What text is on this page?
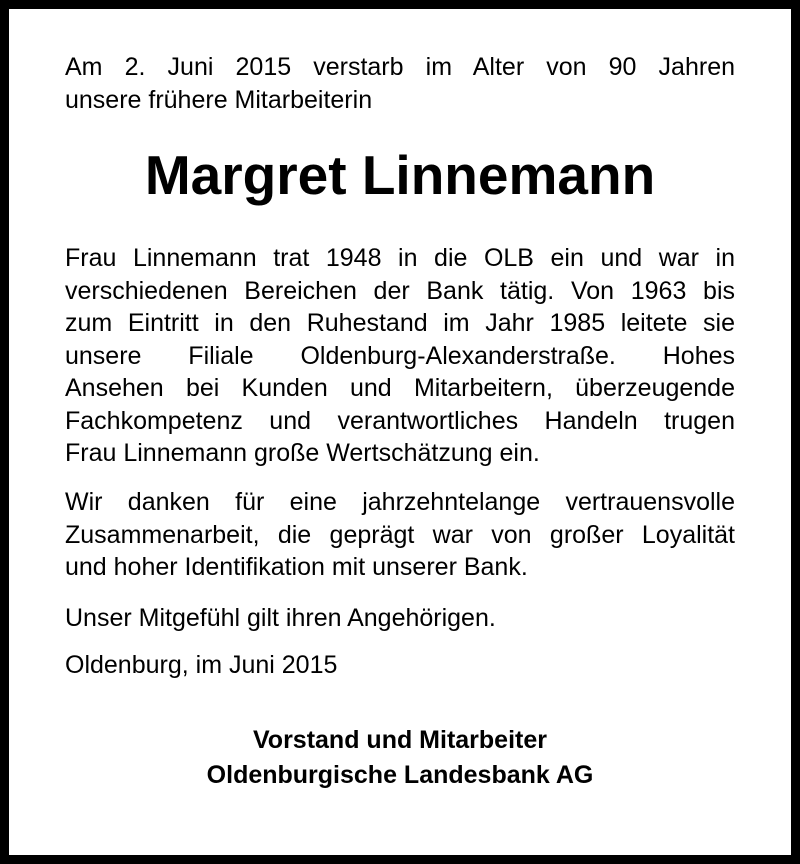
Am 2. Juni 2015 verstarb im Alter von 90 Jahren
unsere frühere Mitarbeiterin
Margret Linnemann
Frau Linnemann trat 1948 in die OLB ein und war in
verschiedenen Bereichen der Bank tätig. Von 1963 bis
zum Eintritt in den Ruhestand im Jahr 1985 leitete sie
unsere Filiale Oldenburg-Alexanderstraße. Hohes
Ansehen bei Kunden und Mitarbeitern, überzeugende
Fachkompetenz und verantwortliches Handeln trugen
Frau Linnemann große Wertschätzung ein.
Wir danken für eine jahrzehntelange vertrauensvolle
Zusammenarbeit, die geprägt war von großer Loyalität
und hoher Identifikation mit unserer Bank.
Unser Mitgefühl gilt ihren Angehörigen.
Oldenburg, im Juni 2015
Vorstand und Mitarbeiter
Oldenburgische Landesbank AG
